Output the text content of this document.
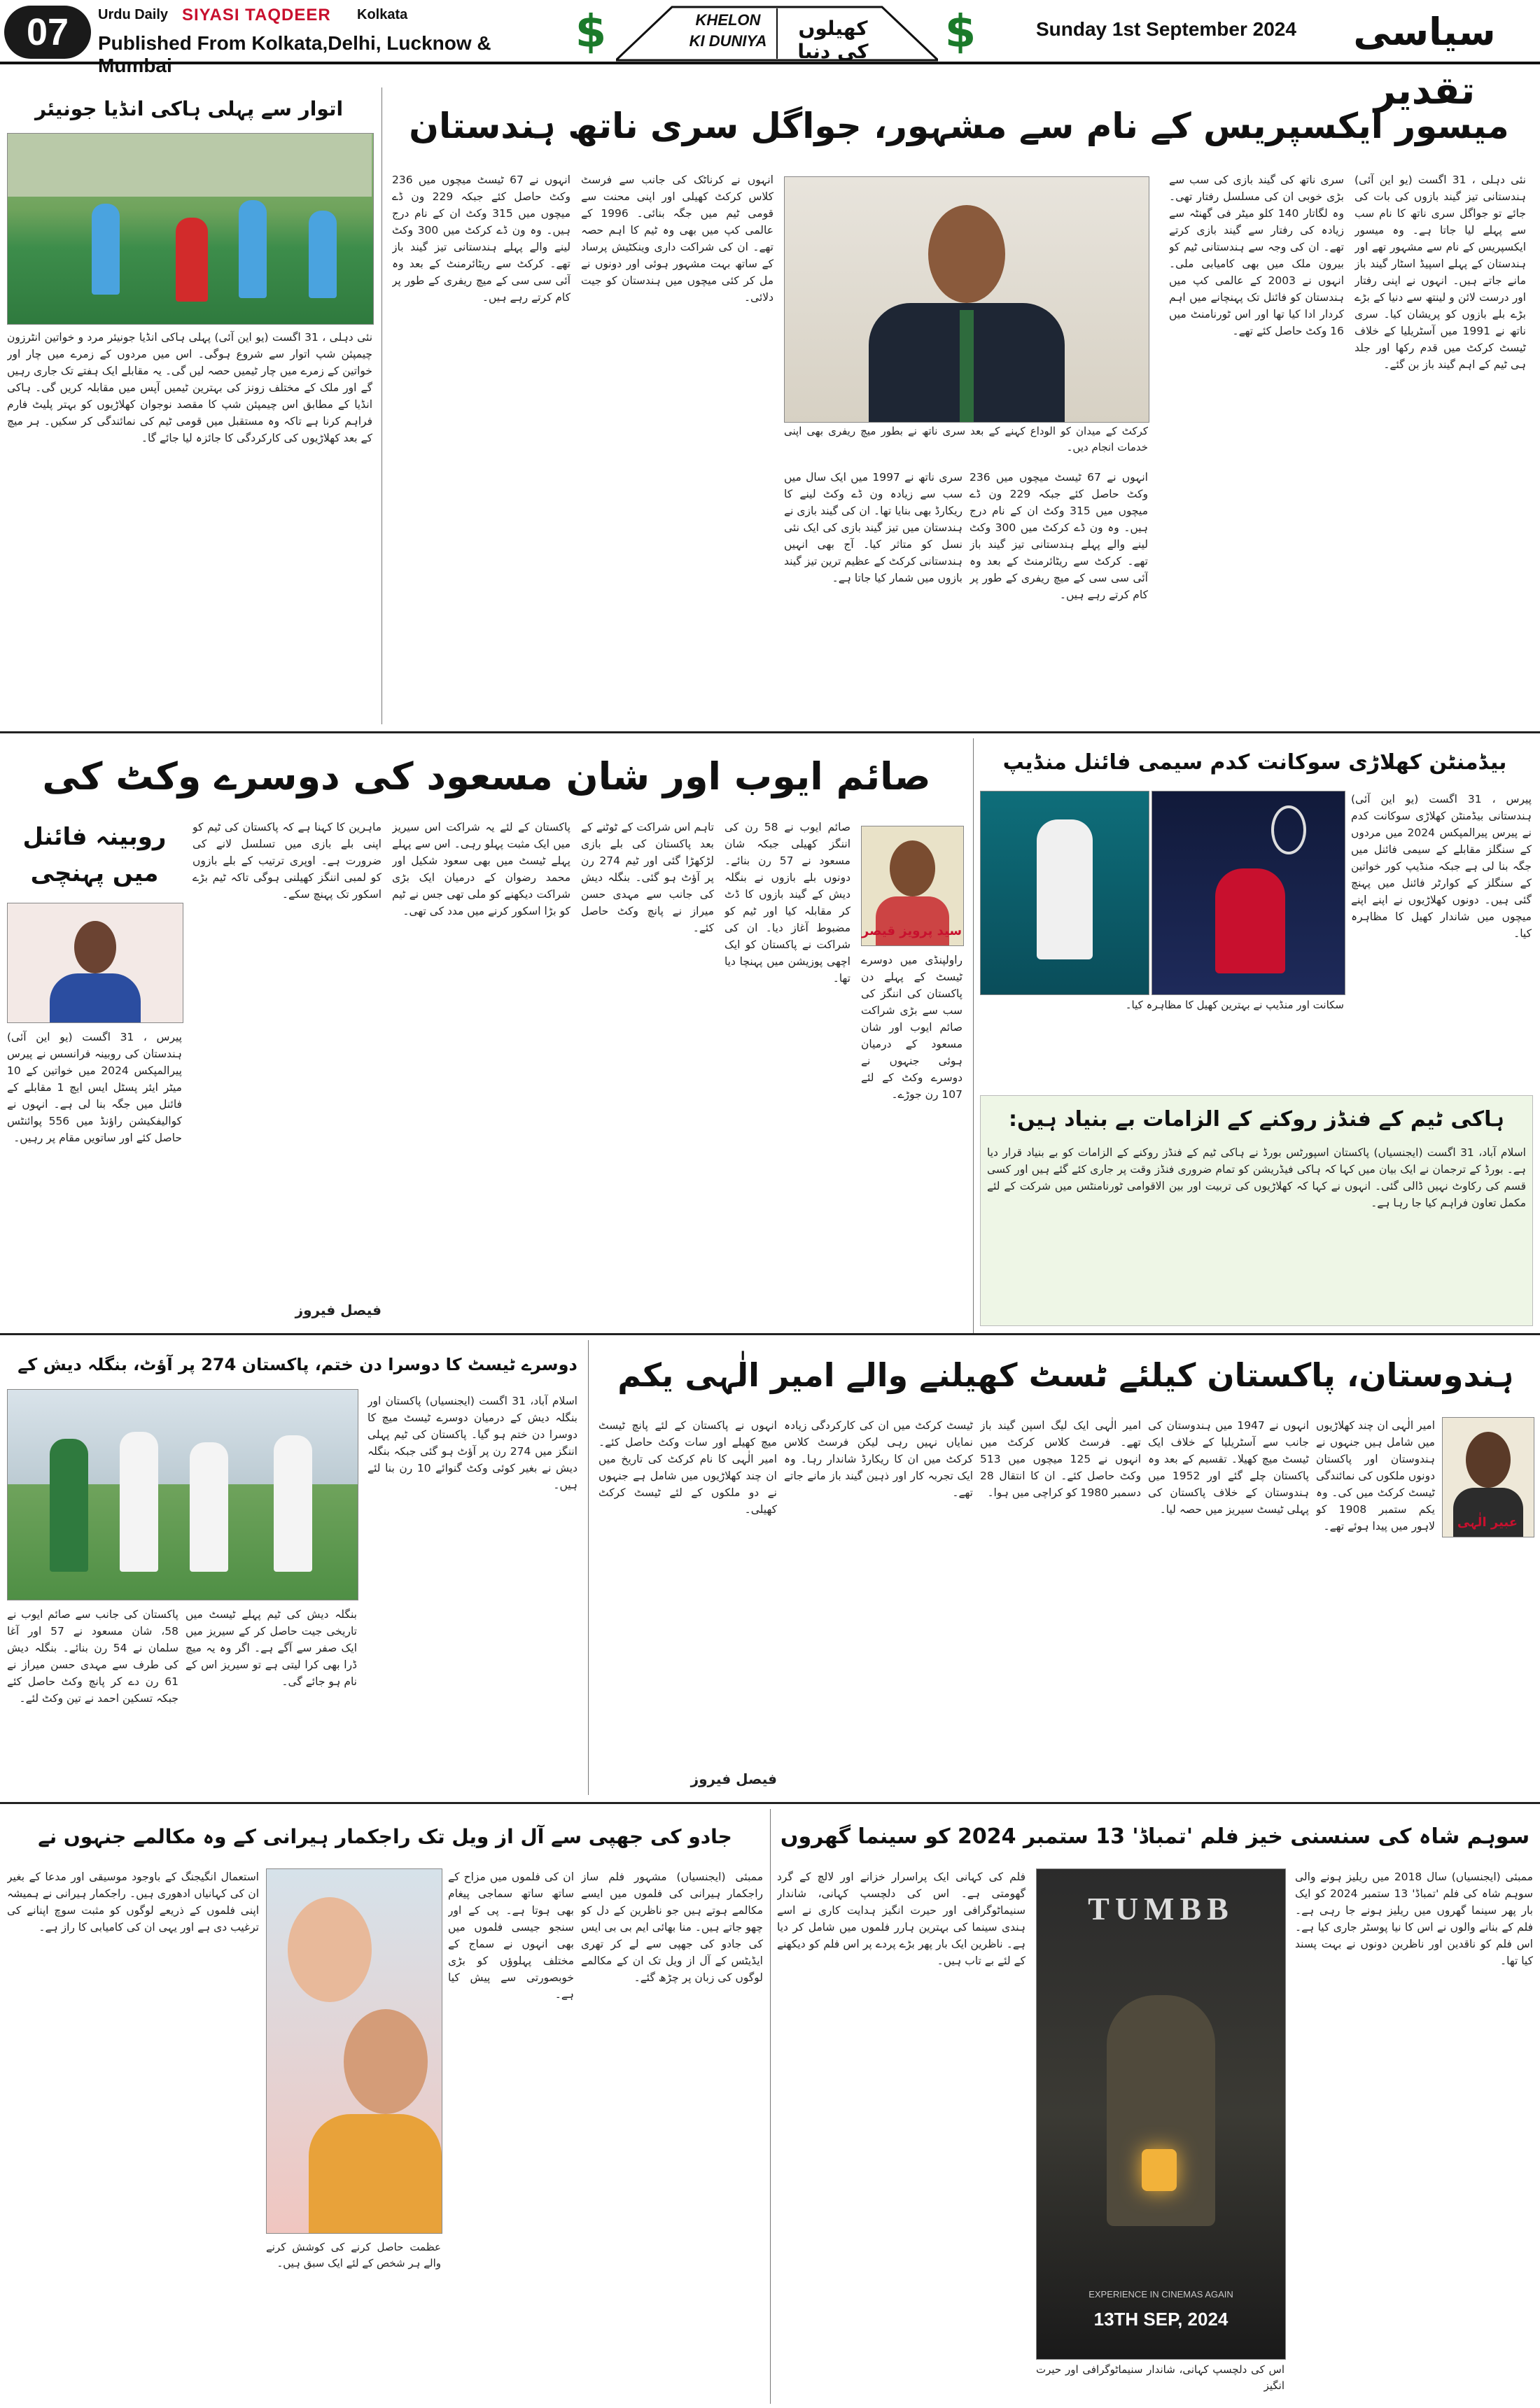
07	Urdu Daily SIYASI TAQDEER Kolkata
Published From Kolkata,Delhi, Lucknow & Mumbai
$	KHELON
KI DUNIYA
کھیلوں کی دنیا	$	Sunday 1st September 2024	سیاسی تقدیر
میسور ایکسپریس کے نام سے مشہور، جواگل سری ناتھ ہندستان
اتوار سے پہلی ہاکی انڈیا جونیئر
نئی دہلی ، 31 اگست (یو این آئی) پہلی ہاکی انڈیا جونیئر مرد و خواتین انٹرزون چیمپئن شپ اتوار سے شروع ہوگی۔ اس میں مردوں کے زمرے میں چار اور خواتین کے زمرے میں چار ٹیمیں حصہ لیں گی۔ یہ مقابلے ایک ہفتے تک جاری رہیں گے اور ملک کے مختلف زونز کی بہترین ٹیمیں آپس میں مقابلہ کریں گی۔ ہاکی انڈیا کے مطابق اس چیمپئن شپ کا مقصد نوجوان کھلاڑیوں کو بہتر پلیٹ فارم فراہم کرنا ہے تاکہ وہ مستقبل میں قومی ٹیم کی نمائندگی کر سکیں۔ ہر میچ کے بعد کھلاڑیوں کی کارکردگی کا جائزہ لیا جائے گا۔
نئی دہلی ، 31 اگست (یو این آئی) ہندستانی تیز گیند بازوں کی بات کی جائے تو جواگل سری ناتھ کا نام سب سے پہلے لیا جاتا ہے۔ وہ میسور ایکسپریس کے نام سے مشہور تھے اور ہندستان کے پہلے اسپیڈ اسٹار گیند باز مانے جاتے ہیں۔ انہوں نے اپنی رفتار اور درست لائن و لینتھ سے دنیا کے بڑے بڑے بلے بازوں کو پریشان کیا۔ سری ناتھ نے 1991 میں آسٹریلیا کے خلاف ٹیسٹ کرکٹ میں قدم رکھا اور جلد ہی ٹیم کے اہم گیند باز بن گئے۔
سری ناتھ کی گیند بازی کی سب سے بڑی خوبی ان کی مسلسل رفتار تھی۔ وہ لگاتار 140 کلو میٹر فی گھنٹہ سے زیادہ کی رفتار سے گیند بازی کرتے تھے۔ ان کی وجہ سے ہندستانی ٹیم کو بیرون ملک میں بھی کامیابی ملی۔ انہوں نے 2003 کے عالمی کپ میں ہندستان کو فائنل تک پہنچانے میں اہم کردار ادا کیا تھا اور اس ٹورنامنٹ میں 16 وکٹ حاصل کئے تھے۔
کرکٹ کے میدان کو الوداع کہنے کے بعد سری ناتھ نے بطور میچ ریفری بھی اپنی خدمات انجام دیں۔
انہوں نے 67 ٹیسٹ میچوں میں 236 وکٹ حاصل کئے جبکہ 229 ون ڈے میچوں میں 315 وکٹ ان کے نام درج ہیں۔ وہ ون ڈے کرکٹ میں 300 وکٹ لینے والے پہلے ہندستانی تیز گیند باز تھے۔ کرکٹ سے ریٹائرمنٹ کے بعد وہ آئی سی سی کے میچ ریفری کے طور پر کام کرتے رہے ہیں۔
سری ناتھ نے 1997 میں ایک سال میں سب سے زیادہ ون ڈے وکٹ لینے کا ریکارڈ بھی بنایا تھا۔ ان کی گیند بازی نے ہندستان میں تیز گیند بازی کی ایک نئی نسل کو متاثر کیا۔ آج بھی انہیں ہندستانی کرکٹ کے عظیم ترین تیز گیند بازوں میں شمار کیا جاتا ہے۔
انہوں نے کرناٹک کی جانب سے فرسٹ کلاس کرکٹ کھیلی اور اپنی محنت سے قومی ٹیم میں جگہ بنائی۔ 1996 کے عالمی کپ میں بھی وہ ٹیم کا اہم حصہ تھے۔ ان کی شراکت داری وینکٹیش پرساد کے ساتھ بہت مشہور ہوئی اور دونوں نے مل کر کئی میچوں میں ہندستان کو جیت دلائی۔
انہوں نے 67 ٹیسٹ میچوں میں 236 وکٹ حاصل کئے جبکہ 229 ون ڈے میچوں میں 315 وکٹ ان کے نام درج ہیں۔ وہ ون ڈے کرکٹ میں 300 وکٹ لینے والے پہلے ہندستانی تیز گیند باز تھے۔ کرکٹ سے ریٹائرمنٹ کے بعد وہ آئی سی سی کے میچ ریفری کے طور پر کام کرتے رہے ہیں۔
صائم ایوب اور شان مسعود کی دوسرے وکٹ کی	بیڈمنٹن کھلاڑی سوکانت کدم سیمی فائنل منڈیپ
پیرس ، 31 اگست (یو این آئی) ہندستانی بیڈمنٹن کھلاڑی سوکانت کدم نے پیرس پیرالمپکس 2024 میں مردوں کے سنگلز مقابلے کے سیمی فائنل میں جگہ بنا لی ہے جبکہ منڈیپ کور خواتین کے سنگلز کے کوارٹر فائنل میں پہنچ گئی ہیں۔ دونوں کھلاڑیوں نے اپنے اپنے میچوں میں شاندار کھیل کا مظاہرہ کیا۔
سکانت اور منڈیپ نے بہترین کھیل کا مظاہرہ کیا۔
ہاکی ٹیم کے فنڈز روکنے کے الزامات بے بنیاد ہیں:
اسلام آباد، 31 اگست (ایجنسیاں) پاکستان اسپورٹس بورڈ نے ہاکی ٹیم کے فنڈز روکنے کے الزامات کو بے بنیاد قرار دیا ہے۔ بورڈ کے ترجمان نے ایک بیان میں کہا کہ ہاکی فیڈریشن کو تمام ضروری فنڈز وقت پر جاری کئے گئے ہیں اور کسی قسم کی رکاوٹ نہیں ڈالی گئی۔ انہوں نے کہا کہ کھلاڑیوں کی تربیت اور بین الاقوامی ٹورنامنٹس میں شرکت کے لئے مکمل تعاون فراہم کیا جا رہا ہے۔
روبینہ فائنل میں پہنچی
پیرس ، 31 اگست (یو این آئی) ہندستان کی روبینہ فرانسس نے پیرس پیرالمپکس 2024 میں خواتین کے 10 میٹر ایئر پسٹل ایس ایچ 1 مقابلے کے فائنل میں جگہ بنا لی ہے۔ انہوں نے کوالیفکیشن راؤنڈ میں 556 پوائنٹس حاصل کئے اور ساتویں مقام پر رہیں۔
سید پرویز قیصر
راولپنڈی میں دوسرے ٹیسٹ کے پہلے دن پاکستان کی اننگز کی سب سے بڑی شراکت صائم ایوب اور شان مسعود کے درمیان ہوئی جنہوں نے دوسرے وکٹ کے لئے 107 رن جوڑے۔
صائم ایوب نے 58 رن کی اننگز کھیلی جبکہ شان مسعود نے 57 رن بنائے۔ دونوں بلے بازوں نے بنگلہ دیش کے گیند بازوں کا ڈٹ کر مقابلہ کیا اور ٹیم کو مضبوط آغاز دیا۔ ان کی شراکت نے پاکستان کو ایک اچھی پوزیشن میں پہنچا دیا تھا۔
تاہم اس شراکت کے ٹوٹنے کے بعد پاکستان کی بلے بازی لڑکھڑا گئی اور ٹیم 274 رن پر آؤٹ ہو گئی۔ بنگلہ دیش کی جانب سے مہدی حسن میراز نے پانچ وکٹ حاصل کئے۔
پاکستان کے لئے یہ شراکت اس سیریز میں ایک مثبت پہلو رہی۔ اس سے پہلے پہلے ٹیسٹ میں بھی سعود شکیل اور محمد رضوان کے درمیان ایک بڑی شراکت دیکھنے کو ملی تھی جس نے ٹیم کو بڑا اسکور کرنے میں مدد کی تھی۔
ماہرین کا کہنا ہے کہ پاکستان کی ٹیم کو اپنی بلے بازی میں تسلسل لانے کی ضرورت ہے۔ اوپری ترتیب کے بلے بازوں کو لمبی اننگز کھیلنی ہوگی تاکہ ٹیم بڑے اسکور تک پہنچ سکے۔
فیصل فیروز
دوسرے ٹیسٹ کا دوسرا دن ختم، پاکستان 274 پر آؤٹ، بنگلہ دیش کے
اسلام آباد، 31 اگست (ایجنسیاں) پاکستان اور بنگلہ دیش کے درمیان دوسرے ٹیسٹ میچ کا دوسرا دن ختم ہو گیا۔ پاکستان کی ٹیم پہلی اننگز میں 274 رن پر آؤٹ ہو گئی جبکہ بنگلہ دیش نے بغیر کوئی وکٹ گنوائے 10 رن بنا لئے ہیں۔
پاکستان کی جانب سے صائم ایوب نے 58، شان مسعود نے 57 اور آغا سلمان نے 54 رن بنائے۔ بنگلہ دیش کی طرف سے مہدی حسن میراز نے 61 رن دے کر پانچ وکٹ حاصل کئے جبکہ تسکین احمد نے تین وکٹ لئے۔
بنگلہ دیش کی ٹیم پہلے ٹیسٹ میں تاریخی جیت حاصل کر کے سیریز میں ایک صفر سے آگے ہے۔ اگر وہ یہ میچ ڈرا بھی کرا لیتی ہے تو سیریز اس کے نام ہو جائے گی۔
ہندوستان، پاکستان کیلئے ٹسٹ کھیلنے والے امیر الٰہی یکم
عبیر الٰہی
امیر الٰہی ان چند کھلاڑیوں میں شامل ہیں جنہوں نے ہندوستان اور پاکستان دونوں ملکوں کی نمائندگی ٹیسٹ کرکٹ میں کی۔ وہ یکم ستمبر 1908 کو لاہور میں پیدا ہوئے تھے۔
انہوں نے 1947 میں ہندوستان کی جانب سے آسٹریلیا کے خلاف ایک ٹیسٹ میچ کھیلا۔ تقسیم کے بعد وہ پاکستان چلے گئے اور 1952 میں ہندوستان کے خلاف پاکستان کی پہلی ٹیسٹ سیریز میں حصہ لیا۔
امیر الٰہی ایک لیگ اسپن گیند باز تھے۔ فرسٹ کلاس کرکٹ میں انہوں نے 125 میچوں میں 513 وکٹ حاصل کئے۔ ان کا انتقال 28 دسمبر 1980 کو کراچی میں ہوا۔
ٹیسٹ کرکٹ میں ان کی کارکردگی زیادہ نمایاں نہیں رہی لیکن فرسٹ کلاس کرکٹ میں ان کا ریکارڈ شاندار رہا۔ وہ ایک تجربہ کار اور ذہین گیند باز مانے جاتے تھے۔
انہوں نے پاکستان کے لئے پانچ ٹیسٹ میچ کھیلے اور سات وکٹ حاصل کئے۔ امیر الٰہی کا نام کرکٹ کی تاریخ میں ان چند کھلاڑیوں میں شامل ہے جنہوں نے دو ملکوں کے لئے ٹیسٹ کرکٹ کھیلی۔
فیصل فیروز
سوہم شاہ کی سنسنی خیز فلم 'تمباڈ' 13 ستمبر 2024 کو سینما گھروں
ممبئی (ایجنسیاں) سال 2018 میں ریلیز ہونے والی سوہم شاہ کی فلم 'تمباڈ' 13 ستمبر 2024 کو ایک بار پھر سینما گھروں میں ریلیز ہونے جا رہی ہے۔ فلم کے بنانے والوں نے اس کا نیا پوسٹر جاری کیا ہے۔ اس فلم کو ناقدین اور ناظرین دونوں نے بہت پسند کیا تھا۔
TUMBB
EXPERIENCE IN CINEMAS AGAIN
13TH SEP, 2024
اس کی دلچسپ کہانی، شاندار سنیماٹوگرافی اور حیرت انگیز
فلم کی کہانی ایک پراسرار خزانے اور لالچ کے گرد گھومتی ہے۔ اس کی دلچسپ کہانی، شاندار سنیماٹوگرافی اور حیرت انگیز ہدایت کاری نے اسے ہندی سینما کی بہترین ہارر فلموں میں شامل کر دیا ہے۔ ناظرین ایک بار پھر بڑے پردے پر اس فلم کو دیکھنے کے لئے بے تاب ہیں۔
جادو کی جھپی سے آل از ویل تک راجکمار ہیرانی کے وہ مکالمے جنہوں نے
ممبئی (ایجنسیاں) مشہور فلم ساز راجکمار ہیرانی کی فلموں میں ایسے مکالمے ہوتے ہیں جو ناظرین کے دل کو چھو جاتے ہیں۔ منا بھائی ایم بی بی ایس کی جادو کی جھپی سے لے کر تھری ایڈیٹس کے آل از ویل تک ان کے مکالمے لوگوں کی زبان پر چڑھ گئے۔
ان کی فلموں میں مزاح کے ساتھ ساتھ سماجی پیغام بھی ہوتا ہے۔ پی کے اور سنجو جیسی فلموں میں بھی انہوں نے سماج کے مختلف پہلوؤں کو بڑی خوبصورتی سے پیش کیا ہے۔
عظمت حاصل کرنے کی کوشش کرنے والے ہر شخص کے لئے ایک سبق ہیں۔
استعمال انگیجنگ کے باوجود موسیقی اور مدعا کے بغیر ان کی کہانیاں ادھوری ہیں۔ راجکمار ہیرانی نے ہمیشہ اپنی فلموں کے ذریعے لوگوں کو مثبت سوچ اپنانے کی ترغیب دی ہے اور یہی ان کی کامیابی کا راز ہے۔
